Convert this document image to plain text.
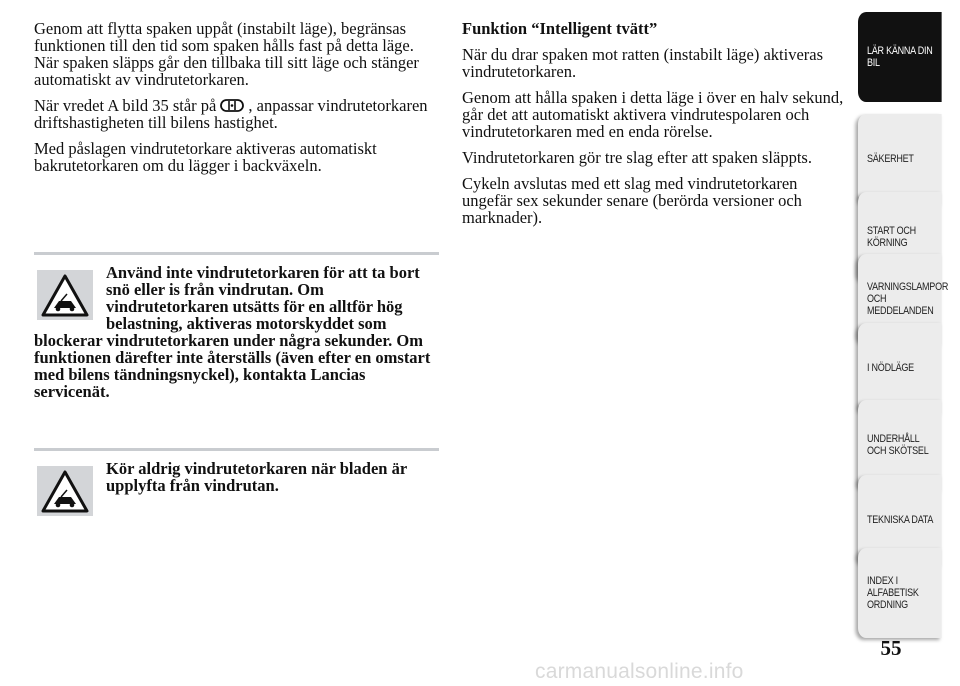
Genom att flytta spaken uppåt (instabilt läge), begränsas funktionen till den tid som spaken hålls fast på detta läge. När spaken släpps går den tillbaka till sitt läge och stänger automatiskt av vindrutetorkaren.

När vredet A bild 35 står på , anpassar vindrutetorkaren driftshastigheten till bilens hastighet.

Med påslagen vindrutetorkare aktiveras automatiskt bakrutetorkaren om du lägger i backväxeln.

Använd inte vindrutetorkaren för att ta bort snö eller is från vindrutan. Om vindrutetorkaren utsätts för en alltför hög belastning, aktiveras motorskyddet som blockerar vindrutetorkaren under några sekunder. Om funktionen därefter inte återställs (även efter en omstart med bilens tändningsnyckel), kontakta Lancias servicenät.
Kör aldrig vindrutetorkaren när bladen är upplyfta från vindrutan.

Funktion “Intelligent tvätt”

När du drar spaken mot ratten (instabilt läge) aktiveras vindrutetorkaren.

Genom att hålla spaken i detta läge i över en halv sekund, går det att automatiskt aktivera vindrutespolaren och vindrutetorkaren med en enda rörelse.

Vindrutetorkaren gör tre slag efter att spaken släppts.

Cykeln avslutas med ett slag med vindrutetorkaren ungefär sex sekunder senare (berörda versioner och marknader).

LÄR KÄNNA DIN BIL
SÄKERHET
START OCH KÖRNING
VARNINGSLAMPOR OCH MEDDELANDEN
I NÖDLÄGE
UNDERHÅLL OCH SKÖTSEL
TEKNISKA DATA
INDEX I ALFABETISK ORDNING
55
carmanualsonline.info
